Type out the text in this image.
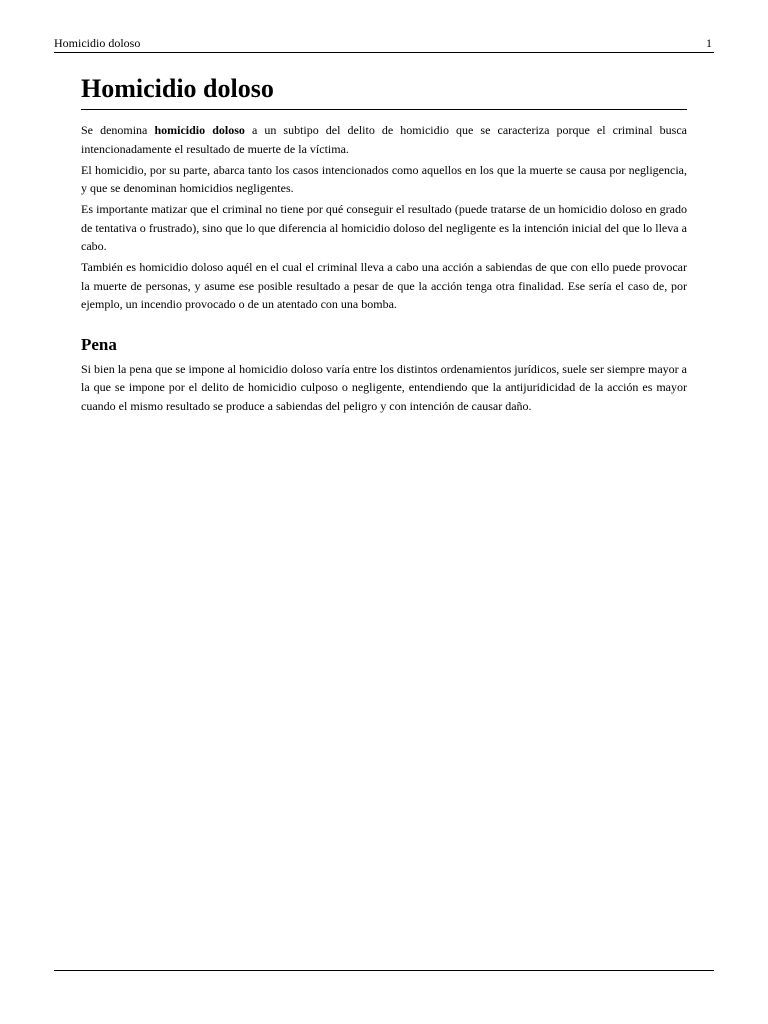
Homicidio doloso	1
Homicidio doloso

Se denomina homicidio doloso a un subtipo del delito de homicidio que se caracteriza porque el criminal busca intencionadamente el resultado de muerte de la víctima.

El homicidio, por su parte, abarca tanto los casos intencionados como aquellos en los que la muerte se causa por negligencia, y que se denominan homicidios negligentes.

Es importante matizar que el criminal no tiene por qué conseguir el resultado (puede tratarse de un homicidio doloso en grado de tentativa o frustrado), sino que lo que diferencia al homicidio doloso del negligente es la intención inicial del que lo lleva a cabo.

También es homicidio doloso aquél en el cual el criminal lleva a cabo una acción a sabiendas de que con ello puede provocar la muerte de personas, y asume ese posible resultado a pesar de que la acción tenga otra finalidad. Ese sería el caso de, por ejemplo, un incendio provocado o de un atentado con una bomba.

Pena

Si bien la pena que se impone al homicidio doloso varía entre los distintos ordenamientos jurídicos, suele ser siempre mayor a la que se impone por el delito de homicidio culposo o negligente, entendiendo que la antijuridicidad de la acción es mayor cuando el mismo resultado se produce a sabiendas del peligro y con intención de causar daño.
